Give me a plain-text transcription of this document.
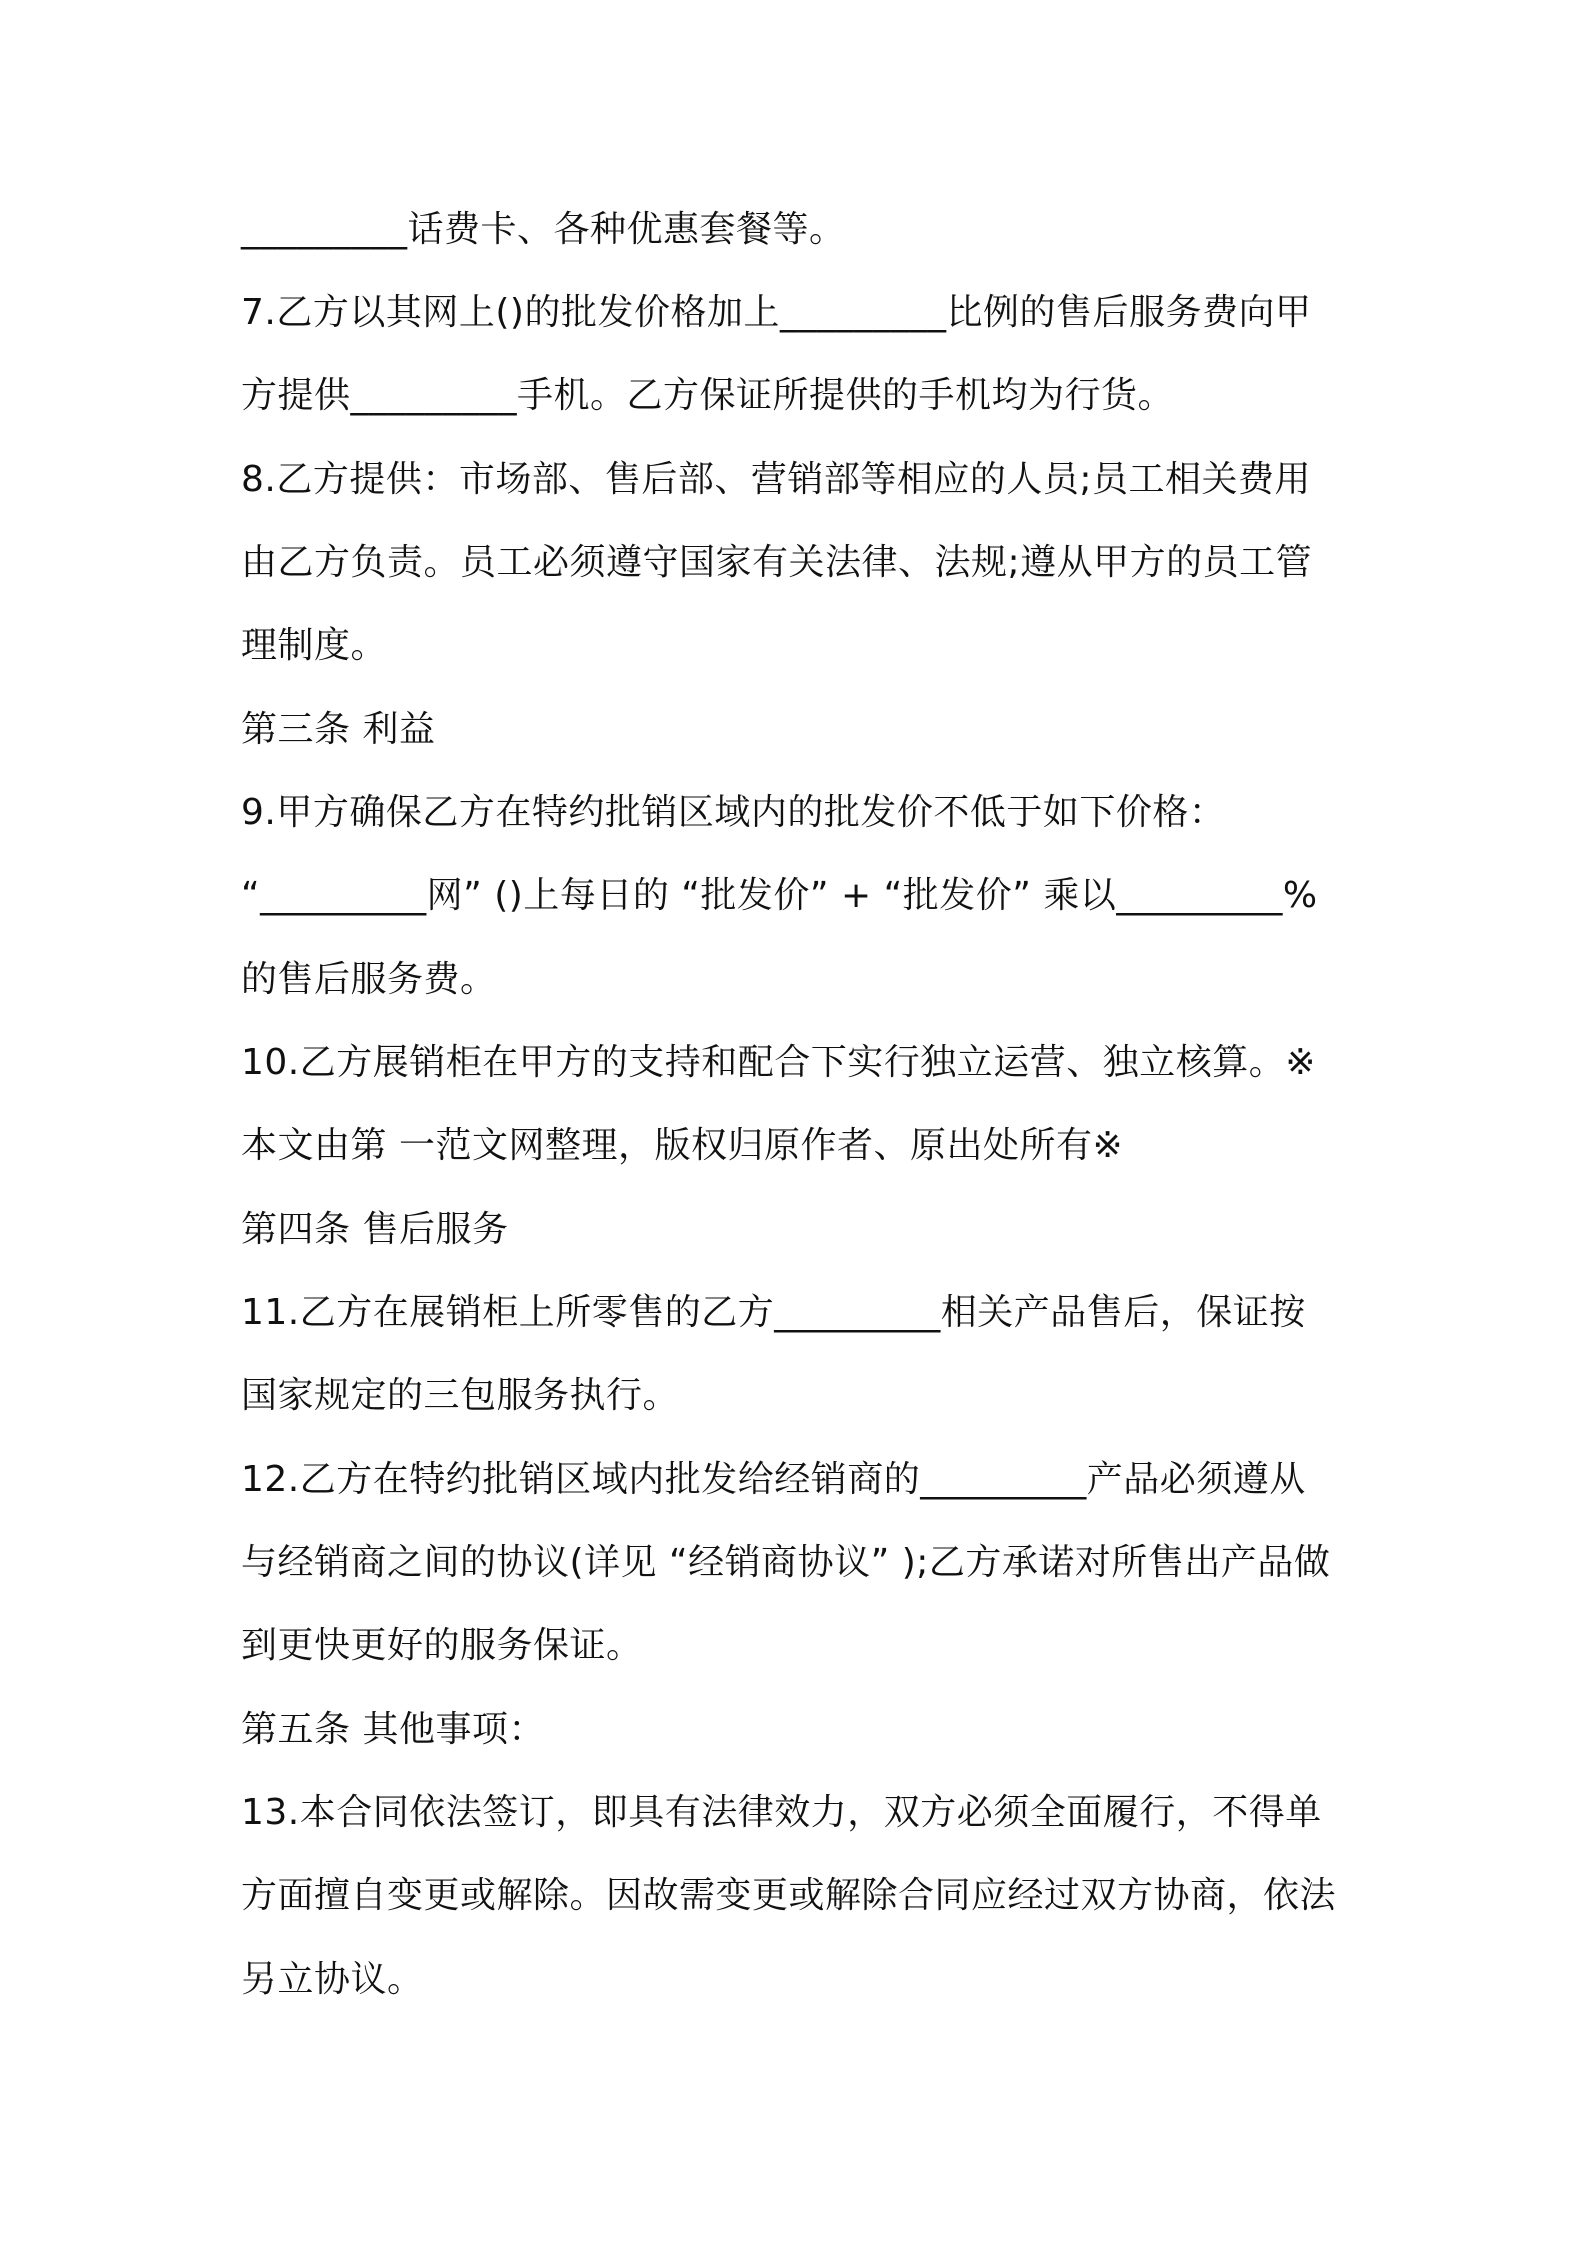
_________话费卡、各种优惠套餐等。
7.乙方以其网上()的批发价格加上_________比例的售后服务费向甲
方提供_________手机。乙方保证所提供的手机均为行货。
8.乙方提供：市场部、售后部、营销部等相应的人员;员工相关费用
由乙方负责。员工必须遵守国家有关法律、法规;遵从甲方的员工管
理制度。
第三条 利益
9.甲方确保乙方在特约批销区域内的批发价不低于如下价格：
“_________网” ()上每日的 “批发价” + “批发价” 乘以_________%
的售后服务费。
10.乙方展销柜在甲方的支持和配合下实行独立运营、独立核算。※
本文由第 一范文网整理，版权归原作者、原出处所有※
第四条 售后服务
11.乙方在展销柜上所零售的乙方_________相关产品售后，保证按
国家规定的三包服务执行。
12.乙方在特约批销区域内批发给经销商的_________产品必须遵从
与经销商之间的协议(详见 “经销商协议” );乙方承诺对所售出产品做
到更快更好的服务保证。
第五条 其他事项：
13.本合同依法签订，即具有法律效力，双方必须全面履行，不得单
方面擅自变更或解除。因故需变更或解除合同应经过双方协商，依法
另立协议。
